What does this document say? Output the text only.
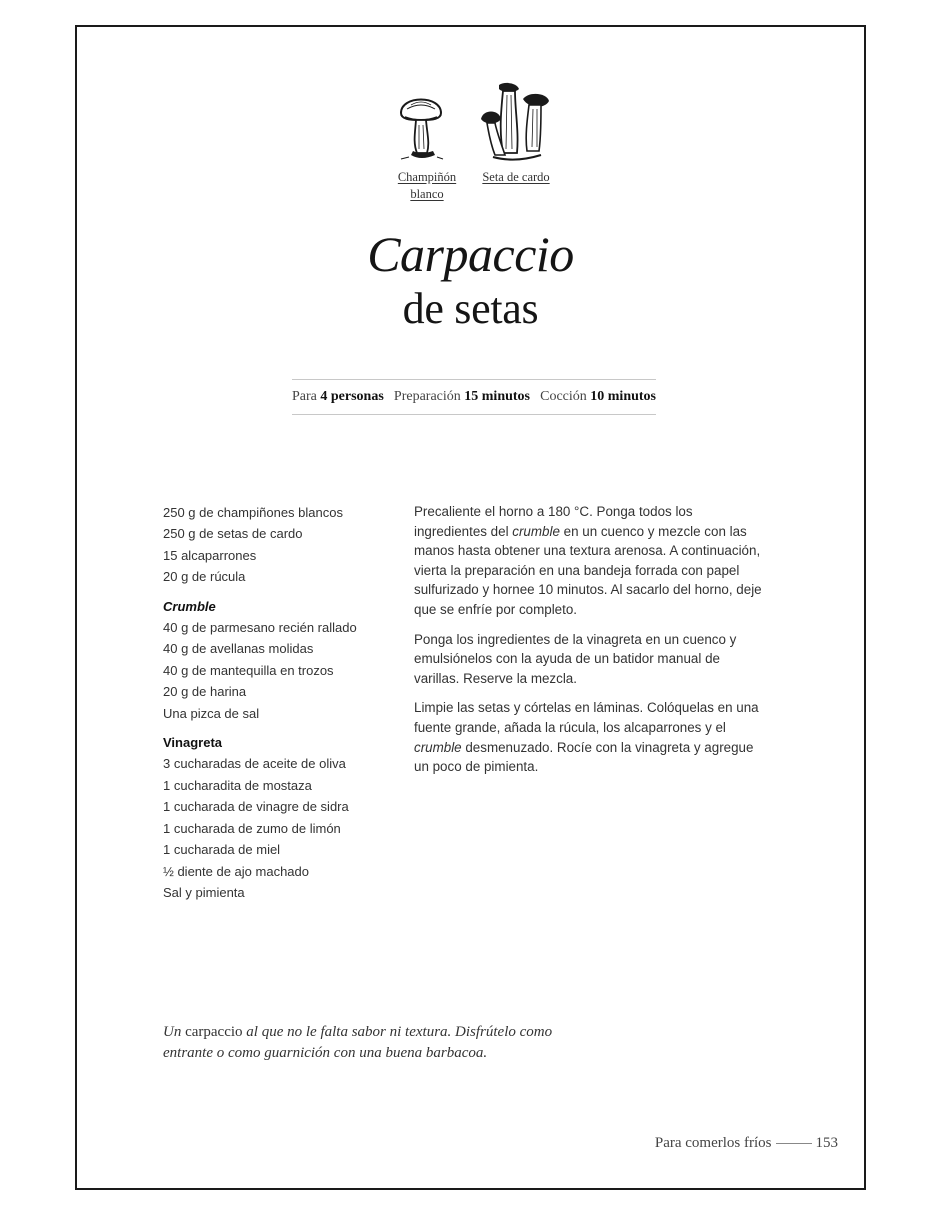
Champiñón
blanco
Seta de cardo
Carpaccio
de setas
Para 4 personas Preparación 15 minutos Cocción 10 minutos
250 g de champiñones blancos
250 g de setas de cardo
15 alcaparrones
20 g de rúcula
Crumble
40 g de parmesano recién rallado
40 g de avellanas molidas
40 g de mantequilla en trozos
20 g de harina
Una pizca de sal
Vinagreta
3 cucharadas de aceite de oliva
1 cucharadita de mostaza
1 cucharada de vinagre de sidra
1 cucharada de zumo de limón
1 cucharada de miel
½ diente de ajo machado
Sal y pimienta

Precaliente el horno a 180 °C. Ponga todos los ingredientes del crumble en un cuenco y mezcle con las manos hasta obtener una textura arenosa. A continuación, vierta la preparación en una bandeja forrada con papel sulfurizado y hornee 10 minutos. Al sacarlo del horno, deje que se enfríe por completo.

Ponga los ingredientes de la vinagreta en un cuenco y emulsiónelos con la ayuda de un batidor manual de varillas. Reserve la mezcla.

Limpie las setas y córtelas en láminas. Colóquelas en una fuente grande, añada la rúcula, los alcaparrones y el crumble desmenuzado. Rocíe con la vinagreta y agregue un poco de pimienta.

Un carpaccio al que no le falta sabor ni textura. Disfrútelo como entrante o como guarnición con una buena barbacoa.
Para comerlos fríos	153
